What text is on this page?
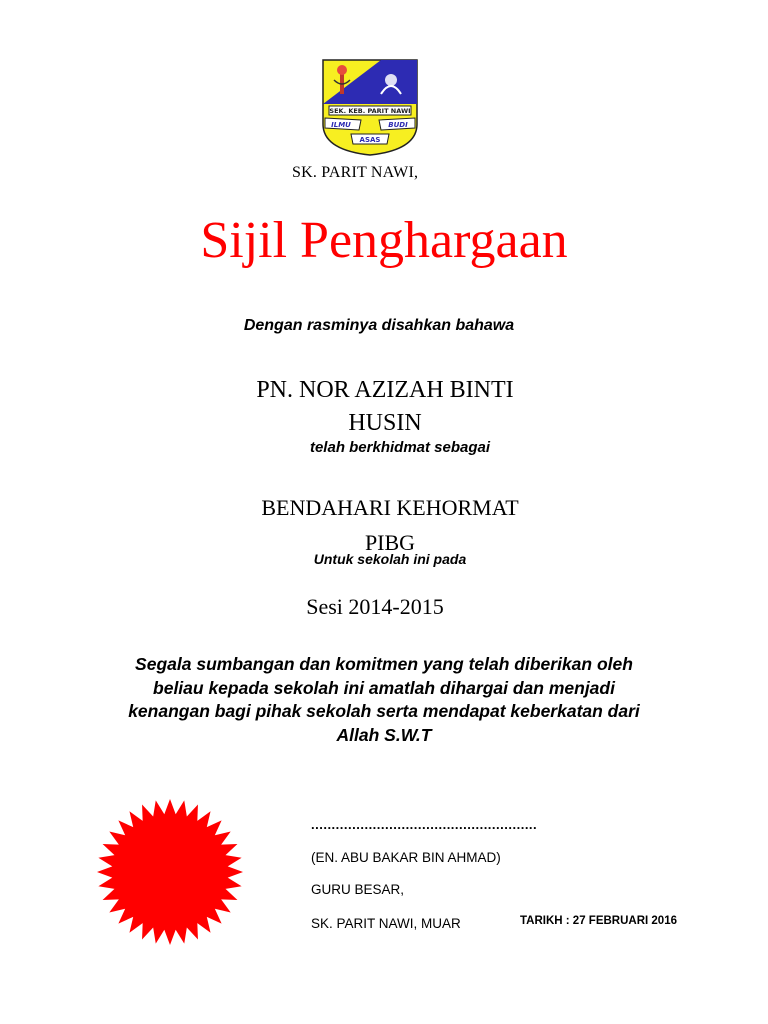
SEK. KEB. PARIT NAWI
ILMU	BUDI
ASAS
SK. PARIT NAWI,
Sijil Penghargaan
Dengan rasminya disahkan bahawa
PN. NOR AZIZAH BINTI
HUSIN
telah berkhidmat sebagai
BENDAHARI KEHORMAT
PIBG
Untuk sekolah ini pada
Sesi 2014-2015
Segala sumbangan dan komitmen yang telah diberikan oleh
beliau kepada sekolah ini amatlah dihargai dan menjadi
kenangan bagi pihak sekolah serta mendapat keberkatan dari
Allah S.W.T
.......................................................
(EN. ABU BAKAR BIN AHMAD)
GURU BESAR,
SK. PARIT NAWI, MUAR	TARIKH : 27 FEBRUARI 2016
